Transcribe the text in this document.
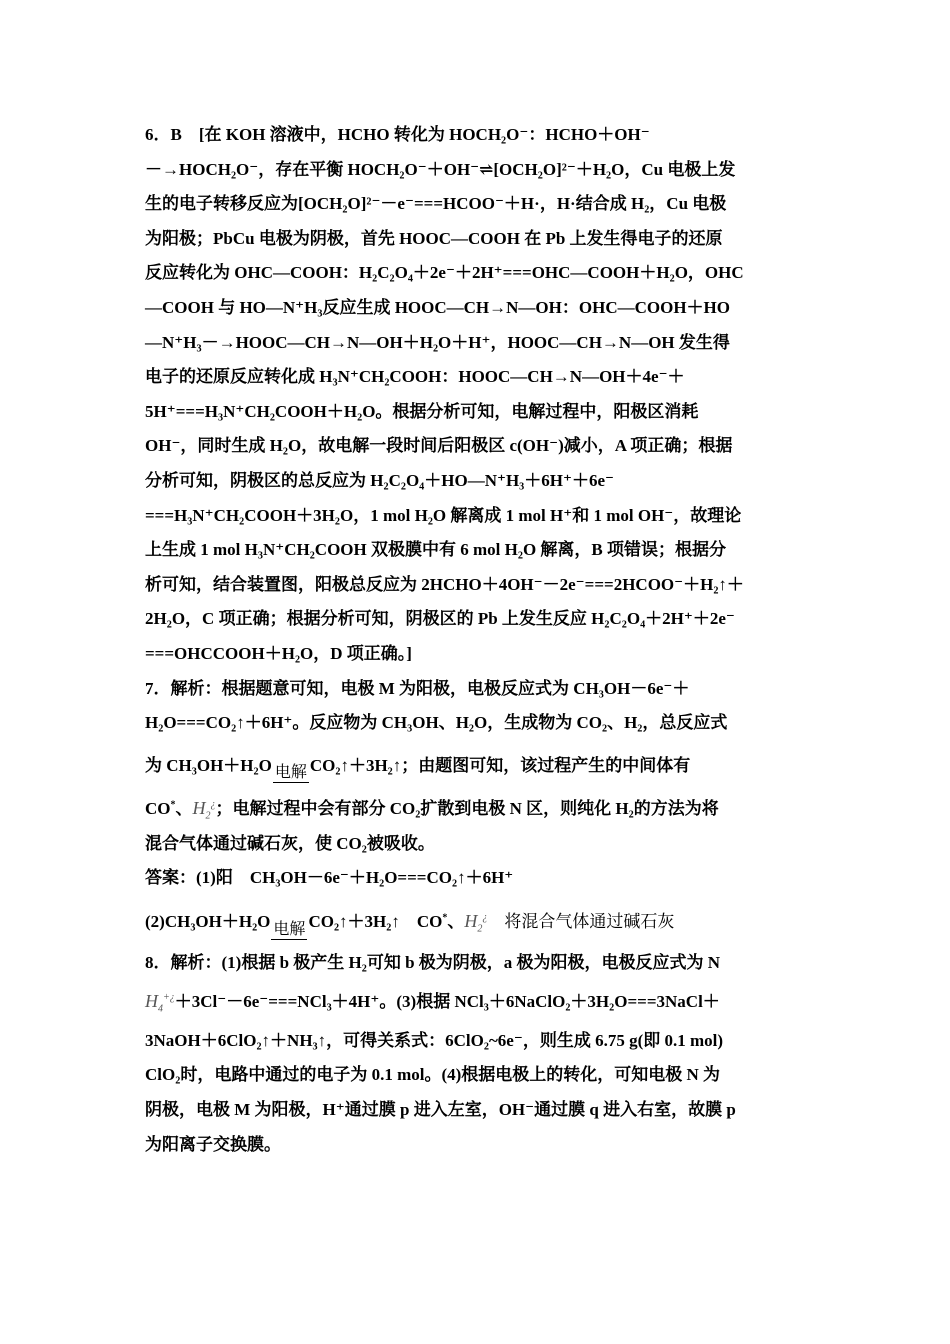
6．B　[在 KOH 溶液中，HCHO 转化为 HOCH₂O⁻：HCHO＋OH⁻

－→HOCH₂O⁻，存在平衡 HOCH₂O⁻＋OH⁻⇌[OCH₂O]²⁻＋H₂O，Cu 电极上发

生的电子转移反应为[OCH₂O]²⁻－e⁻===HCOO⁻＋H·，H·结合成 H₂，Cu 电极

为阳极；PbCu 电极为阴极，首先 HOOC—COOH 在 Pb 上发生得电子的还原

反应转化为 OHC—COOH：H₂C₂O₄＋2e⁻＋2H⁺===OHC—COOH＋H₂O，OHC

—COOH 与 HO—N⁺H₃反应生成 HOOC—CH→N—OH：OHC—COOH＋HO

—N⁺H₃－→HOOC—CH→N—OH＋H₂O＋H⁺，HOOC—CH→N—OH 发生得

电子的还原反应转化成 H₃N⁺CH₂COOH：HOOC—CH→N—OH＋4e⁻＋

5H⁺===H₃N⁺CH₂COOH＋H₂O。根据分析可知，电解过程中，阳极区消耗

OH⁻，同时生成 H₂O，故电解一段时间后阳极区 c(OH⁻)减小，A 项正确；根据

分析可知，阴极区的总反应为 H₂C₂O₄＋HO—N⁺H₃＋6H⁺＋6e⁻

===H₃N⁺CH₂COOH＋3H₂O，1 mol H₂O 解离成 1 mol H⁺和 1 mol OH⁻，故理论

上生成 1 mol H₃N⁺CH₂COOH 双极膜中有 6 mol H₂O 解离，B 项错误；根据分

析可知，结合装置图，阳极总反应为 2HCHO＋4OH⁻－2e⁻===2HCOO⁻＋H₂↑＋

2H₂O，C 项正确；根据分析可知，阴极区的 Pb 上发生反应 H₂C₂O₄＋2H⁺＋2e⁻

===OHCCOOH＋H₂O，D 项正确。]

7．解析：根据题意可知，电极 M 为阳极，电极反应式为 CH₃OH－6e⁻＋

H₂O===CO₂↑＋6H⁺。反应物为 CH₃OH、H₂O，生成物为 CO₂、H₂，总反应式

为 CH₃OH＋H₂O 电解 CO₂↑＋3H₂↑；由题图可知，该过程产生的中间体有

CO*、$H_2^¿$；电解过程中会有部分 CO₂扩散到电极 N 区，则纯化 H₂的方法为将

混合气体通过碱石灰，使 CO₂被吸收。

答案：(1)阳　CH₃OH－6e⁻＋H₂O===CO₂↑＋6H⁺

(2)CH₃OH＋H₂O 电解 CO₂↑＋3H₂↑　CO*、$H_2^¿$　将混合气体通过碱石灰

8．解析：(1)根据 b 极产生 H₂可知 b 极为阴极，a 极为阳极，电极反应式为 N

$H_4^{+¿}+3Cl^--6e^-===NCl_3+4H^+$。(3)根据 NCl₃＋6NaClO₂＋3H₂O===3NaCl＋

3NaOH＋6ClO₂↑＋NH₃↑，可得关系式：6ClO₂~6e⁻，则生成 6.75 g(即 0.1 mol)

ClO₂时，电路中通过的电子为 0.1 mol。(4)根据电极上的转化，可知电极 N 为

阴极，电极 M 为阳极，H⁺通过膜 p 进入左室，OH⁻通过膜 q 进入右室，故膜 p

为阳离子交换膜。
